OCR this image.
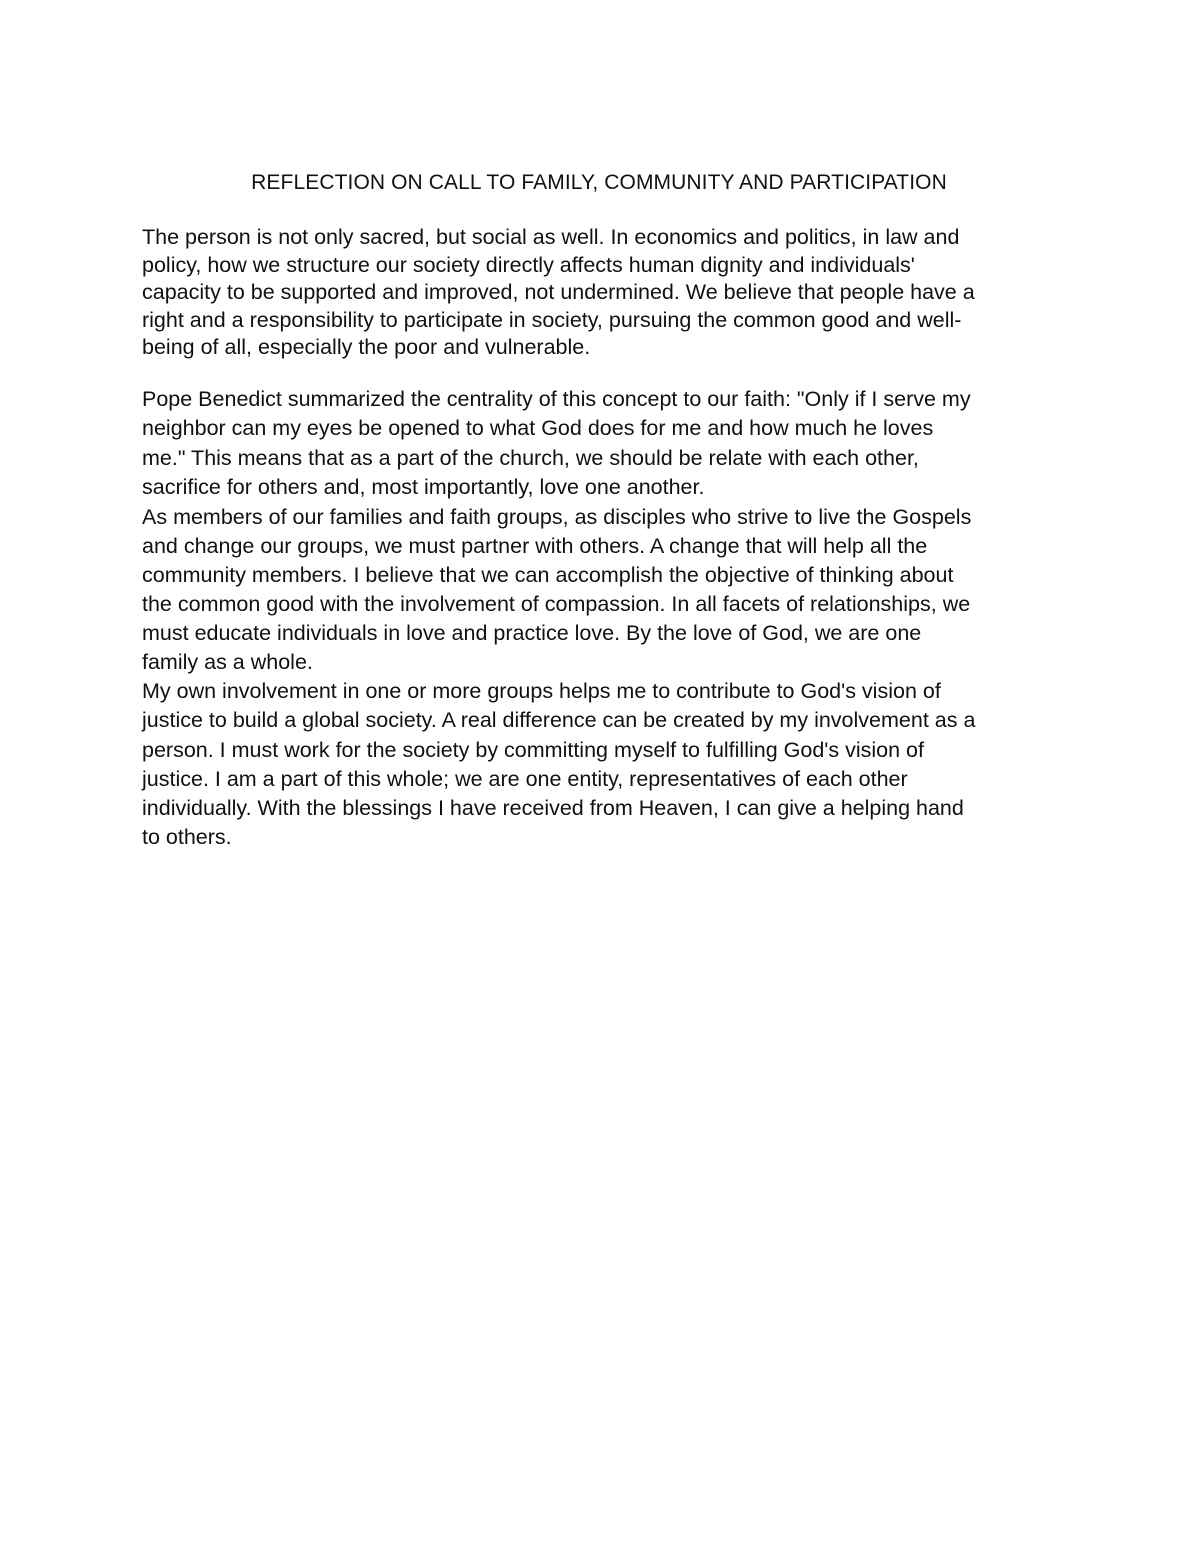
REFLECTION ON CALL TO FAMILY, COMMUNITY AND PARTICIPATION

The person is not only sacred, but social as well. In economics and politics, in law and
policy, how we structure our society directly affects human dignity and individuals'
capacity to be supported and improved, not undermined. We believe that people have a
right and a responsibility to participate in society, pursuing the common good and well-
being of all, especially the poor and vulnerable.

Pope Benedict summarized the centrality of this concept to our faith: "Only if I serve my
neighbor can my eyes be opened to what God does for me and how much he loves
me." This means that as a part of the church, we should be relate with each other,
sacrifice for others and, most importantly, love one another.

As members of our families and faith groups, as disciples who strive to live the Gospels
and change our groups, we must partner with others. A change that will help all the
community members. I believe that we can accomplish the objective of thinking about
the common good with the involvement of compassion. In all facets of relationships, we
must educate individuals in love and practice love. By the love of God, we are one
family as a whole.

My own involvement in one or more groups helps me to contribute to God's vision of
justice to build a global society. A real difference can be created by my involvement as a
person. I must work for the society by committing myself to fulfilling God's vision of
justice. I am a part of this whole; we are one entity, representatives of each other
individually. With the blessings I have received from Heaven, I can give a helping hand
to others.
